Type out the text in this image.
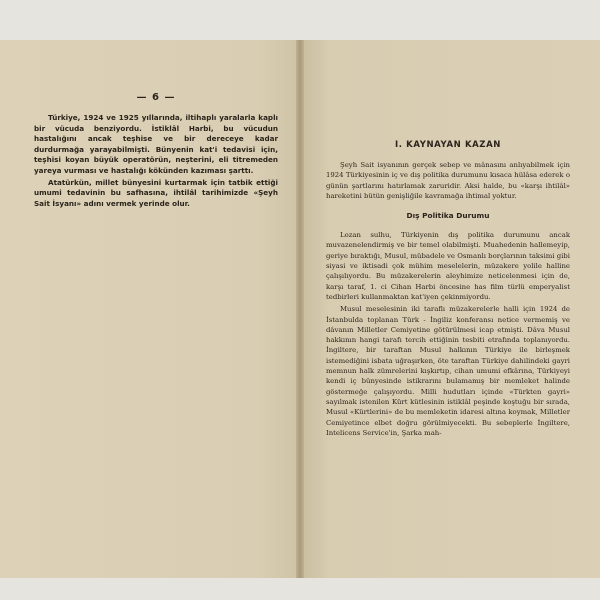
— 6 —

Türkiye, 1924 ve 1925 yıllarında, iltihaplı yaralarla kaplı bir vücuda benziyordu. İstiklâl Harbi, bu vücudun hastalığını ancak teşhise ve bir dereceye kadar durdurmağa yarayabilmişti. Bünyenin kat'i tedavisi için, teşhisi koyan büyük operatörün, neşterini, eli titremeden yareya vurması ve hastalığı kökünden kazıması şarttı.

Atatürkün, millet bünyesini kurtarmak için tatbik ettiği umumi tedavinin bu safhasına, ihtilâl tarihimizde «Şeyh Sait İsyanı» adını vermek yerinde olur.

I. KAYNAYAN KAZAN

Şeyh Sait isyanının gerçek sebep ve mânasını anlıyabilmek için 1924 Türkiyesinin iç ve dış politika durumunu kısaca hülâsa ederek o günün şartlarını hatırlamak zaruridir. Aksi halde, bu «karşı ihtilâl» hareketini bütün genişliğile kavramağa ihtimal yoktur.

Dış Politika Durumu

Lozan sulhu, Türkiyenin dış politika durumunu ancak muvazenelendirmiş ve bir temel olabilmişti. Muahedenin hallemeyip, geriye bıraktığı, Musul, mübadele ve Osmanlı borçlarının taksimi gibi siyasi ve iktisadi çok mühim meselelerin, müzakere yolile halline çalışılıyordu. Bu müzakerelerin aleyhimize neticelenmesi için de, karşı taraf, 1. ci Cihan Harbi öncesine has film türlü emperyalist tedbirleri kullanmaktan kat'iyen çekinmiyordu.

Musul meselesinin iki taraflı müzakerelerle halli için 1924 de İstanbulda toplanan Türk - İngiliz konferansı netice vermemiş ve dâvanın Milletler Cemiyetine götürülmesi icap etmişti. Dâva Musul hakkının hangi tarafı tercih ettiğinin tesbiti etrafında toplanıyordu. İngiltere, bir taraftan Musul halkının Türkiye ile birleşmek istemediğini isbata uğraşırken, öte taraftan Türkiye dahilindeki gayri memnun halk zümrelerini kışkırtıp, cihan umumi efkârına, Türkiyeyi kendi iç bünyesinde istikrarını bulamamış bir memleket halinde göstermeğe çalışıyordu. Milli hudutları içinde «Türkten gayri» sayılmak istenilen Kürt kütlesinin istiklâl peşinde koştuğu bir sırada, Musul «Kürtlerini» de bu memleketin idaresi altına koymak, Milletler Cemiyetince elbet doğru görülmiyecekti. Bu sebeplerle İngiltere, Intelicens Service'in, Şarka mah-
